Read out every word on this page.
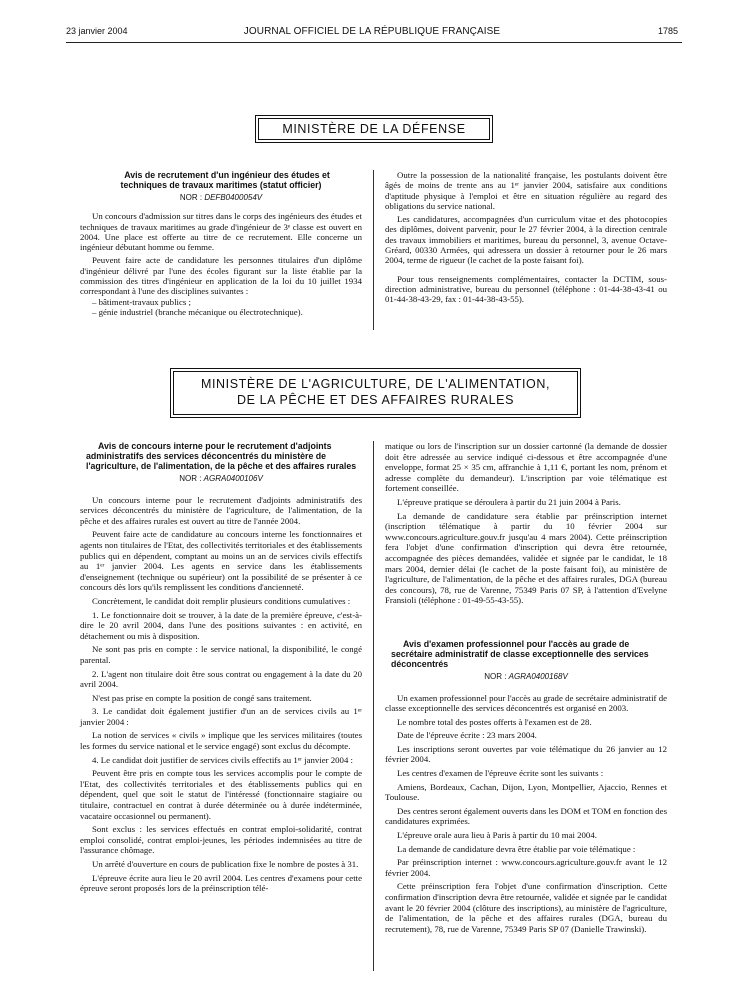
23 janvier 2004	JOURNAL OFFICIEL DE LA RÉPUBLIQUE FRANÇAISE	1785
MINISTÈRE DE LA DÉFENSE

Avis de recrutement d'un ingénieur des études et techniques de travaux maritimes (statut officier)

NOR : DEFB0400054V

Un concours d'admission sur titres dans le corps des ingénieurs des études et techniques de travaux maritimes au grade d'ingénieur de 3ᵉ classe est ouvert en 2004. Une place est offerte au titre de ce recrutement. Elle concerne un ingénieur débutant homme ou femme.

Peuvent faire acte de candidature les personnes titulaires d'un diplôme d'ingénieur délivré par l'une des écoles figurant sur la liste établie par la commission des titres d'ingénieur en application de la loi du 10 juillet 1934 correspondant à l'une des disciplines suivantes :

– bâtiment-travaux publics ;
– génie industriel (branche mécanique ou électrotechnique).

Outre la possession de la nationalité française, les postulants doivent être âgés de moins de trente ans au 1ᵉʳ janvier 2004, satisfaire aux conditions d'aptitude physique à l'emploi et être en situation régulière au regard des obligations du service national.

Les candidatures, accompagnées d'un curriculum vitae et des photocopies des diplômes, doivent parvenir, pour le 27 février 2004, à la direction centrale des travaux immobiliers et maritimes, bureau du personnel, 3, avenue Octave-Gréard, 00330 Armées, qui adressera un dossier à retourner pour le 26 mars 2004, terme de rigueur (le cachet de la poste faisant foi).

Pour tous renseignements complémentaires, contacter la DCTIM, sous-direction administrative, bureau du personnel (téléphone : 01-44-38-43-41 ou 01-44-38-43-29, fax : 01-44-38-43-55).

MINISTÈRE DE L'AGRICULTURE, DE L'ALIMENTATION,
DE LA PÊCHE ET DES AFFAIRES RURALES

Avis de concours interne pour le recrutement d'adjoints administratifs des services déconcentrés du ministère de l'agriculture, de l'alimentation, de la pêche et des affaires rurales

NOR : AGRA0400106V

Un concours interne pour le recrutement d'adjoints administratifs des services déconcentrés du ministère de l'agriculture, de l'alimentation, de la pêche et des affaires rurales est ouvert au titre de l'année 2004.

Peuvent faire acte de candidature au concours interne les fonctionnaires et agents non titulaires de l'Etat, des collectivités territoriales et des établissements publics qui en dépendent, comptant au moins un an de services civils effectifs au 1ᵉʳ janvier 2004. Les agents en service dans les établissements d'enseignement (technique ou supérieur) ont la possibilité de se présenter à ce concours dès lors qu'ils remplissent les conditions d'ancienneté.

Concrètement, le candidat doit remplir plusieurs conditions cumulatives :

1. Le fonctionnaire doit se trouver, à la date de la première épreuve, c'est-à-dire le 20 avril 2004, dans l'une des positions suivantes : en activité, en détachement ou mis à disposition.

Ne sont pas pris en compte : le service national, la disponibilité, le congé parental.

2. L'agent non titulaire doit être sous contrat ou engagement à la date du 20 avril 2004.

N'est pas prise en compte la position de congé sans traitement.

3. Le candidat doit également justifier d'un an de services civils au 1ᵉʳ janvier 2004 :

La notion de services « civils » implique que les services militaires (toutes les formes du service national et le service engagé) sont exclus du décompte.

4. Le candidat doit justifier de services civils effectifs au 1ᵉʳ janvier 2004 :

Peuvent être pris en compte tous les services accomplis pour le compte de l'Etat, des collectivités territoriales et des établissements publics qui en dépendent, quel que soit le statut de l'intéressé (fonctionnaire stagiaire ou titulaire, contractuel en contrat à durée déterminée ou à durée indéterminée, vacataire occasionnel ou permanent).

Sont exclus : les services effectués en contrat emploi-solidarité, contrat emploi consolidé, contrat emploi-jeunes, les périodes indemnisées au titre de l'assurance chômage.

Un arrêté d'ouverture en cours de publication fixe le nombre de postes à 31.

L'épreuve écrite aura lieu le 20 avril 2004. Les centres d'examens pour cette épreuve seront proposés lors de la préinscription télé-

matique ou lors de l'inscription sur un dossier cartonné (la demande de dossier doit être adressée au service indiqué ci-dessous et être accompagnée d'une enveloppe, format 25 × 35 cm, affranchie à 1,11 €, portant les nom, prénom et adresse complète du demandeur). L'inscription par voie télématique est fortement conseillée.

L'épreuve pratique se déroulera à partir du 21 juin 2004 à Paris.

La demande de candidature sera établie par préinscription internet (inscription télématique à partir du 10 février 2004 sur www.concours.agriculture.gouv.fr jusqu'au 4 mars 2004). Cette préinscription fera l'objet d'une confirmation d'inscription qui devra être retournée, accompagnée des pièces demandées, validée et signée par le candidat, le 18 mars 2004, dernier délai (le cachet de la poste faisant foi), au ministère de l'agriculture, de l'alimentation, de la pêche et des affaires rurales, DGA (bureau des concours), 78, rue de Varenne, 75349 Paris 07 SP, à l'attention d'Evelyne Fransioli (téléphone : 01-49-55-43-55).

Avis d'examen professionnel pour l'accès au grade de secrétaire administratif de classe exceptionnelle des services déconcentrés

NOR : AGRA0400168V

Un examen professionnel pour l'accès au grade de secrétaire administratif de classe exceptionnelle des services déconcentrés est organisé en 2003.

Le nombre total des postes offerts à l'examen est de 28.

Date de l'épreuve écrite : 23 mars 2004.

Les inscriptions seront ouvertes par voie télématique du 26 janvier au 12 février 2004.

Les centres d'examen de l'épreuve écrite sont les suivants :

Amiens, Bordeaux, Cachan, Dijon, Lyon, Montpellier, Ajaccio, Rennes et Toulouse.

Des centres seront également ouverts dans les DOM et TOM en fonction des candidatures exprimées.

L'épreuve orale aura lieu à Paris à partir du 10 mai 2004.

La demande de candidature devra être établie par voie télématique :

Par préinscription internet : www.concours.agriculture.gouv.fr avant le 12 février 2004.

Cette préinscription fera l'objet d'une confirmation d'inscription. Cette confirmation d'inscription devra être retournée, validée et signée par le candidat avant le 20 février 2004 (clôture des inscriptions), au ministère de l'agriculture, de l'alimentation, de la pêche et des affaires rurales (DGA, bureau du recrutement), 78, rue de Varenne, 75349 Paris SP 07 (Danielle Trawinski).
